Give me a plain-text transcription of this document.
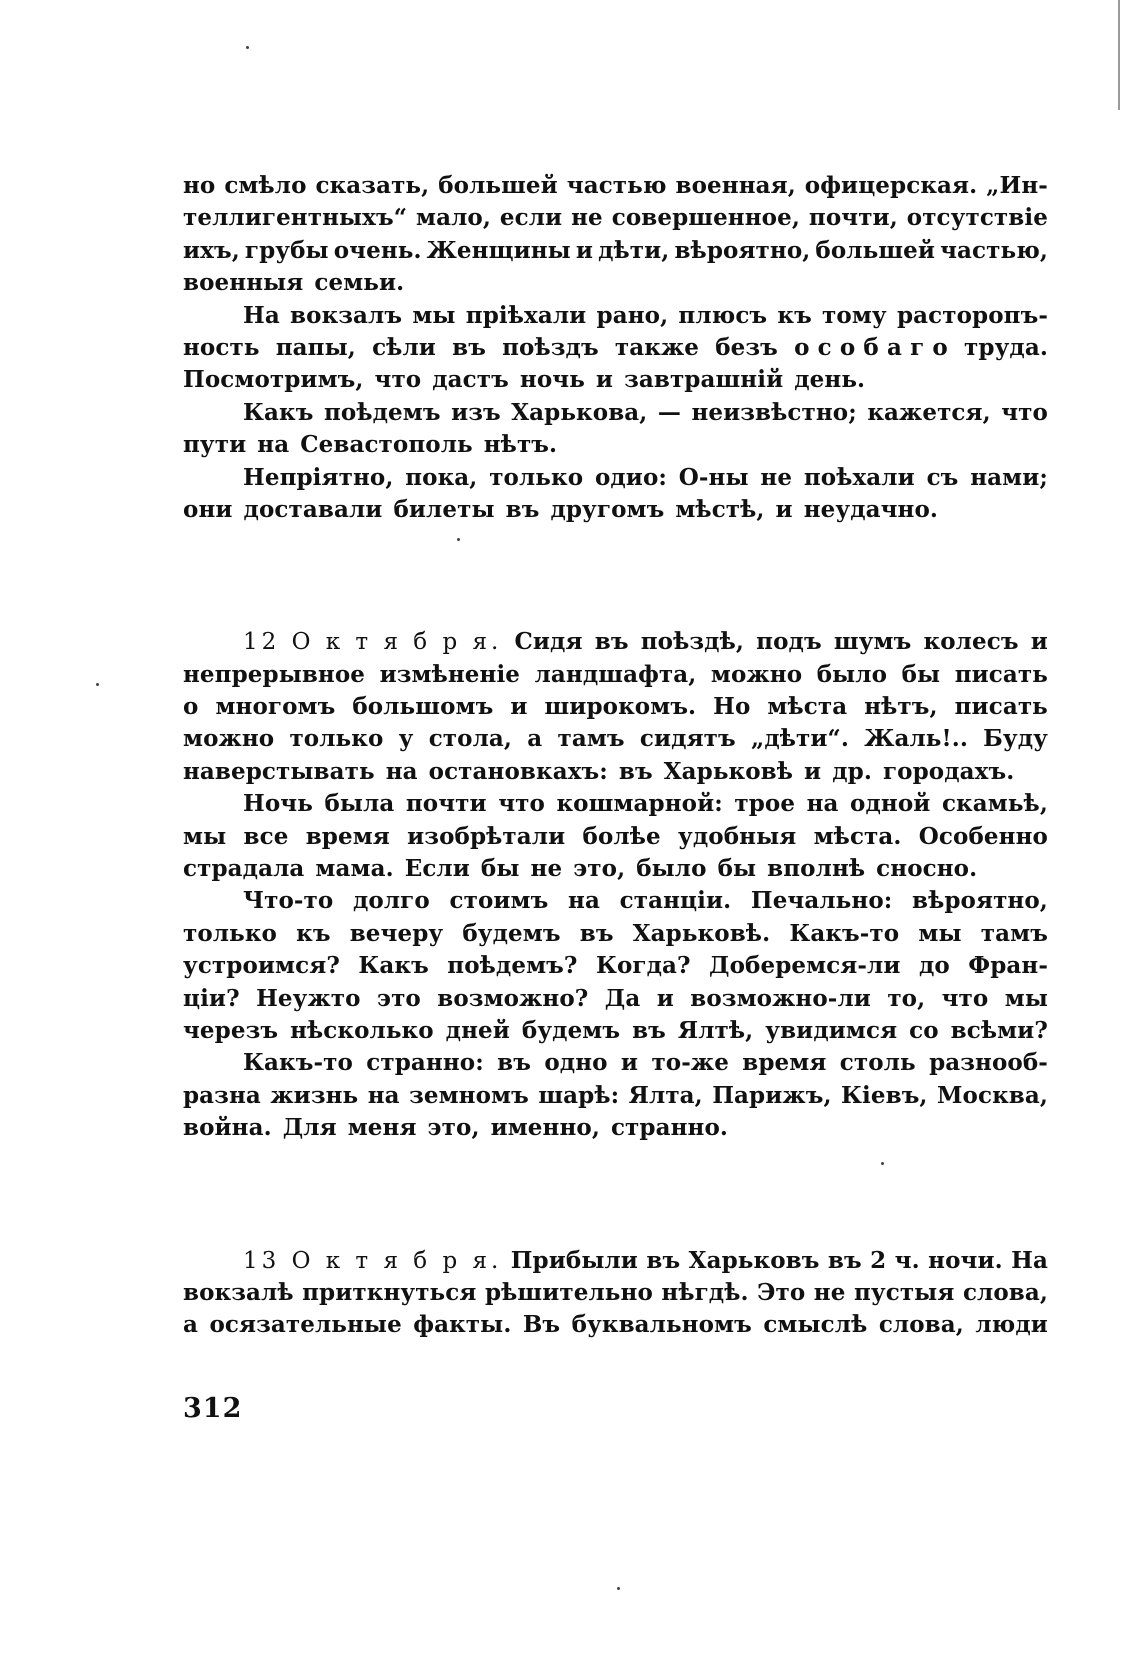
но смѣло сказать, большей частью военная, офицерская. „Ин-
теллигентныхъ“ мало, если не совершенное, почти, отсутствіе
ихъ, грубы очень. Женщины и дѣти, вѣроятно, большей частью,
военныя семьи.
На вокзалъ мы пріѣхали рано, плюсъ къ тому расторопъ-
ность папы, сѣли въ поѣздъ также безъ о с о б а г о труда.
Посмотримъ, что дастъ ночь и завтрашній день.
Какъ поѣдемъ изъ Харькова, — неизвѣстно; кажется, что
пути на Севастополь нѣтъ.
Непріятно, пока, только одио: О-ны не поѣхали съ нами;
они доставали билеты въ другомъ мѣстѣ, и неудачно.
12 О к т я б р я. Сидя въ поѣздѣ, подъ шумъ колесъ и
непрерывное измѣненіе ландшафта, можно было бы писать
о многомъ большомъ и широкомъ. Но мѣста нѣтъ, писать
можно только у стола, а тамъ сидятъ „дѣти“. Жаль!.. Буду
наверстывать на остановкахъ: въ Харьковѣ и др. городахъ.
Ночь была почти что кошмарной: трое на одной скамьѣ,
мы все время изобрѣтали болѣе удобныя мѣста. Особенно
страдала мама. Если бы не это, было бы вполнѣ сносно.
Что-то долго стоимъ на станціи. Печально: вѣроятно,
только къ вечеру будемъ въ Харьковѣ. Какъ-то мы тамъ
устроимся? Какъ поѣдемъ? Когда? Доберемся-ли до Фран-
ціи? Неужто это возможно? Да и возможно-ли то, что мы
черезъ нѣсколько дней будемъ въ Ялтѣ, увидимся со всѣми?
Какъ-то странно: въ одно и то-же время столь разнооб-
разна жизнь на земномъ шарѣ: Ялта, Парижъ, Кіевъ, Москва,
война. Для меня это, именно, странно.
13 О к т я б р я. Прибыли въ Харьковъ въ 2 ч. ночи. На
вокзалѣ приткнуться рѣшительно нѣгдѣ. Это не пустыя слова,
а осязательные факты. Въ буквальномъ смыслѣ слова, люди
312
